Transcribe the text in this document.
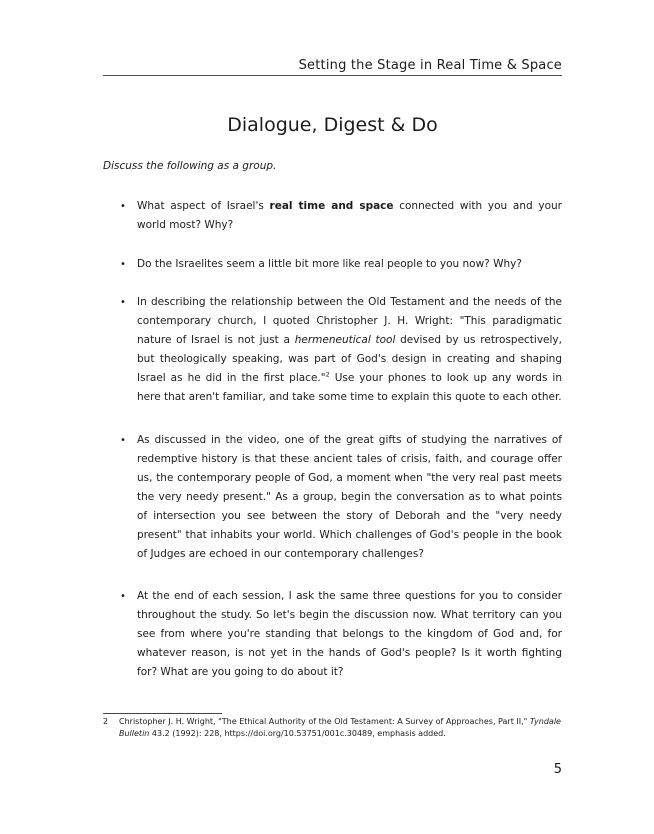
Setting the Stage in Real Time & Space
Dialogue, Digest & Do

Discuss the following as a group.

• What aspect of Israel's real time and space connected with you and your world most? Why?
• Do the Israelites seem a little bit more like real people to you now? Why?
• In describing the relationship between the Old Testament and the needs of the contemporary church, I quoted Christopher J. H. Wright: "This paradigmatic nature of Israel is not just a hermeneutical tool devised by us retrospectively, but theologically speaking, was part of God's design in creating and shaping Israel as he did in the first place."$^2$ Use your phones to look up any words in here that aren't familiar, and take some time to explain this quote to each other.
• As discussed in the video, one of the great gifts of studying the narratives of redemptive history is that these ancient tales of crisis, faith, and courage offer us, the contemporary people of God, a moment when "the very real past meets the very needy present." As a group, begin the conversation as to what points of intersection you see between the story of Deborah and the "very needy present" that inhabits your world. Which challenges of God's people in the book of Judges are echoed in our contemporary challenges?
• At the end of each session, I ask the same three questions for you to consider throughout the study. So let's begin the discussion now. What territory can you see from where you're standing that belongs to the kingdom of God and, for whatever reason, is not yet in the hands of God's people? Is it worth fighting for? What are you going to do about it?
2 Christopher J. H. Wright, "The Ethical Authority of the Old Testament: A Survey of Approaches, Part II," Tyndale Bulletin 43.2 (1992): 228, https://doi.org/10.53751/001c.30489, emphasis added.
5
